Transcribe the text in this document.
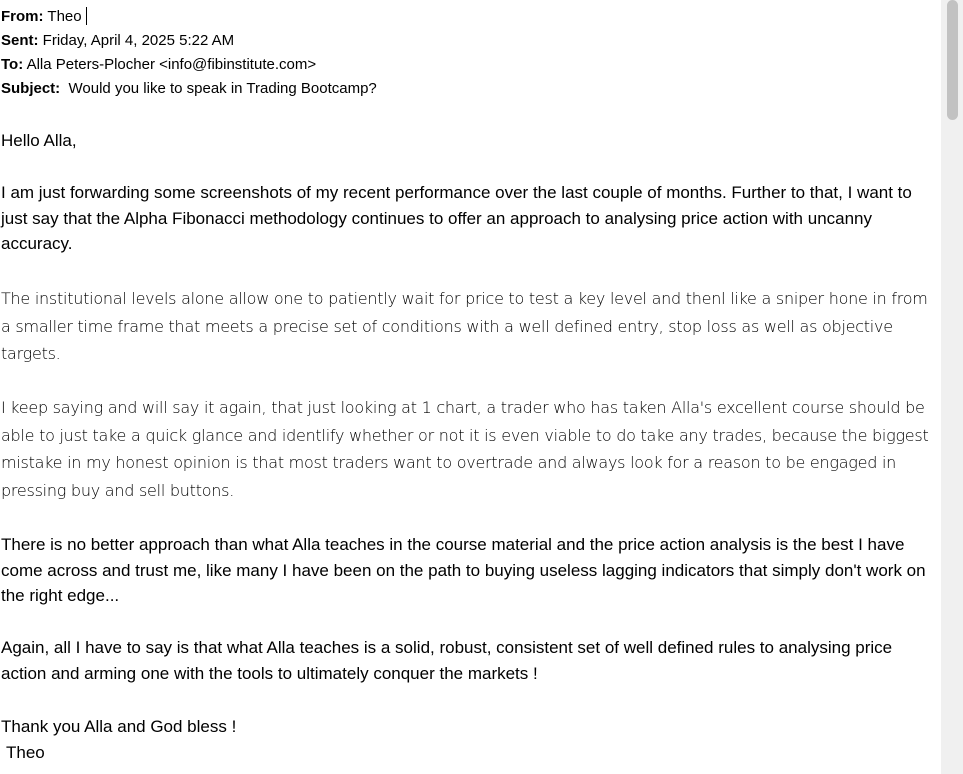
From: Theo
Sent: Friday, April 4, 2025 5:22 AM
To: Alla Peters-Plocher <info@fibinstitute.com>
Subject: Would you like to speak in Trading Bootcamp?

Hello Alla,

I am just forwarding some screenshots of my recent performance over the last couple of months. Further to that, I want to just say that the Alpha Fibonacci methodology continues to offer an approach to analysing price action with uncanny accuracy.

The institutional levels alone allow one to patiently wait for price to test a key level and thenl like a sniper hone in from a smaller time frame that meets a precise set of conditions with a well defined entry, stop loss as well as objective targets.

I keep saying and will say it again, that just looking at 1 chart, a trader who has taken Alla's excellent course should be able to just take a quick glance and identlify whether or not it is even viable to do take any trades, because the biggest mistake in my honest opinion is that most traders want to overtrade and always look for a reason to be engaged in pressing buy and sell buttons.

There is no better approach than what Alla teaches in the course material and the price action analysis is the best I have come across and trust me, like many I have been on the path to buying useless lagging indicators that simply don't work on the right edge...

Again, all I have to say is that what Alla teaches is a solid, robust, consistent set of well defined rules to analysing price action and arming one with the tools to ultimately conquer the markets !

Thank you Alla and God bless !
Theo
